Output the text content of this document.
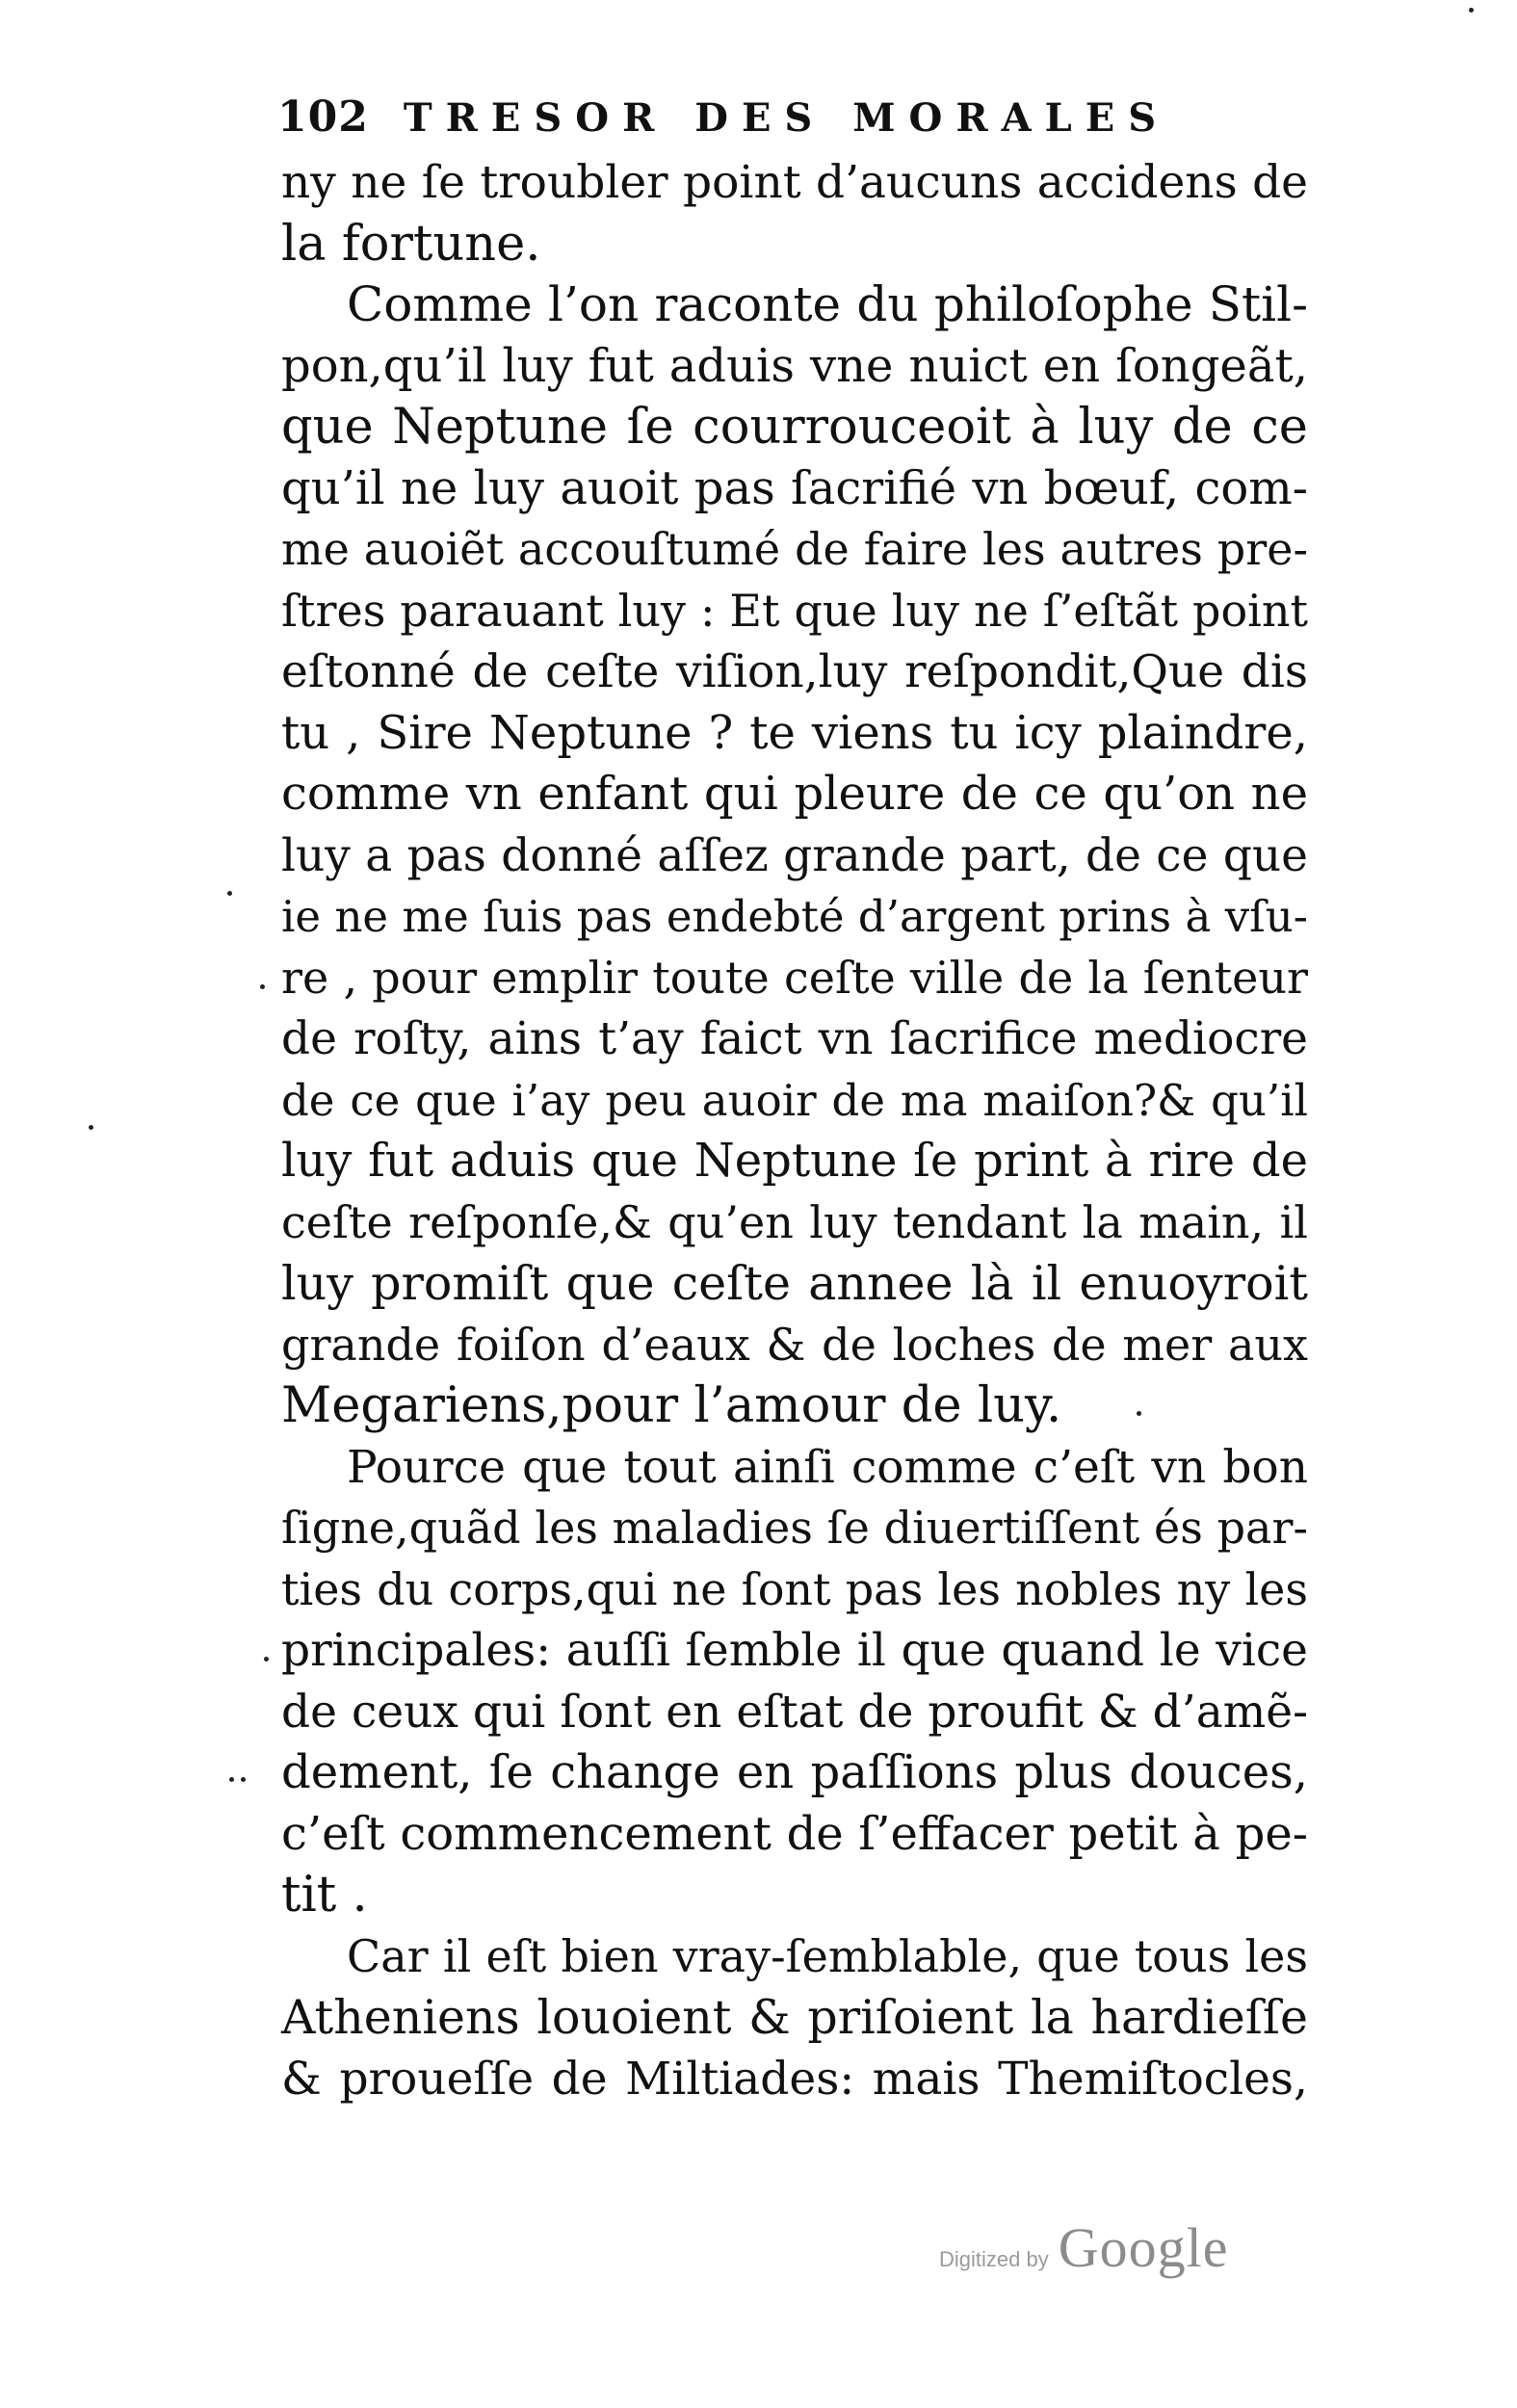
102 TRESOR DES MORALES
ny ne ſe troubler point d’aucuns accidens de
la fortune.
Comme l’on raconte du philoſophe Stil-
pon,qu’il luy fut aduis vne nuict en ſongeãt,
que Neptune ſe courrouceoit à luy de ce
qu’il ne luy auoit pas ſacrifié vn bœuf, com-
me auoiẽt accouſtumé de faire les autres pre-
ſtres parauant luy : Et que luy ne ſ’eſtãt point
eſtonné de ceſte viſion,luy reſpondit,Que dis
tu , Sire Neptune ? te viens tu icy plaindre,
comme vn enfant qui pleure de ce qu’on ne
luy a pas donné aſſez grande part, de ce que
ie ne me ſuis pas endebté d’argent prins à vſu-
re , pour emplir toute ceſte ville de la ſenteur
de roſty, ains t’ay faict vn ſacrifice mediocre
de ce que i’ay peu auoir de ma maiſon?& qu’il
luy fut aduis que Neptune ſe print à rire de
ceſte reſponſe,& qu’en luy tendant la main, il
luy promiſt que ceſte annee là il enuoyroit
grande foiſon d’eaux & de loches de mer aux
Megariens,pour l’amour de luy.
Pource que tout ainſi comme c’eſt vn bon
ſigne,quãd les maladies ſe diuertiſſent és par-
ties du corps,qui ne ſont pas les nobles ny les
principales: auſſi ſemble il que quand le vice
de ceux qui ſont en eſtat de proufit & d’amẽ-
dement, ſe change en paſſions plus douces,
c’eſt commencement de ſ’effacer petit à pe-
tit .
Car il eſt bien vray-ſemblable, que tous les
Atheniens louoient & priſoient la hardieſſe
& proueſſe de Miltiades: mais Themiſtocles,
Digitized by Google
